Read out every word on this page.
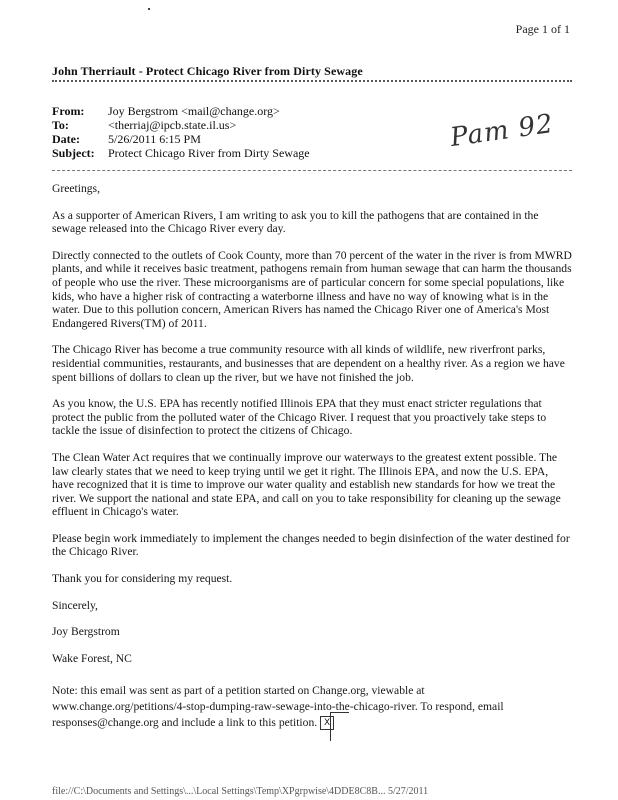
Page 1 of 1
John Therriault - Protect Chicago River from Dirty Sewage
From:	Joy Bergstrom <mail@change.org>
To:	<therriaj@ipcb.state.il.us>
Date:	5/26/2011 6:15 PM
Subject:	Protect Chicago River from Dirty Sewage	Pam 92

Greetings,

As a supporter of American Rivers, I am writing to ask you to kill the pathogens that are contained in the sewage released into the Chicago River every day.

Directly connected to the outlets of Cook County, more than 70 percent of the water in the river is from MWRD plants, and while it receives basic treatment, pathogens remain from human sewage that can harm the thousands of people who use the river. These microorganisms are of particular concern for some special populations, like kids, who have a higher risk of contracting a waterborne illness and have no way of knowing what is in the water. Due to this pollution concern, American Rivers has named the Chicago River one of America's Most Endangered Rivers(TM) of 2011.

The Chicago River has become a true community resource with all kinds of wildlife, new riverfront parks, residential communities, restaurants, and businesses that are dependent on a healthy river. As a region we have spent billions of dollars to clean up the river, but we have not finished the job.

As you know, the U.S. EPA has recently notified Illinois EPA that they must enact stricter regulations that protect the public from the polluted water of the Chicago River. I request that you proactively take steps to tackle the issue of disinfection to protect the citizens of Chicago.

The Clean Water Act requires that we continually improve our waterways to the greatest extent possible. The law clearly states that we need to keep trying until we get it right. The Illinois EPA, and now the U.S. EPA, have recognized that it is time to improve our water quality and establish new standards for how we treat the river. We support the national and state EPA, and call on you to take responsibility for cleaning up the sewage effluent in Chicago's water.

Please begin work immediately to implement the changes needed to begin disinfection of the water destined for the Chicago River.

Thank you for considering my request.

Sincerely,

Joy Bergstrom

Wake Forest, NC

Note: this email was sent as part of a petition started on Change.org, viewable at
www.change.org/petitions/4-stop-dumping-raw-sewage-into-the-chicago-river. To respond, email
responses@change.org and include a link to this petition. X
file://C:\Documents and Settings\...\Local Settings\Temp\XPgrpwise\4DDE8C8B... 5/27/2011
